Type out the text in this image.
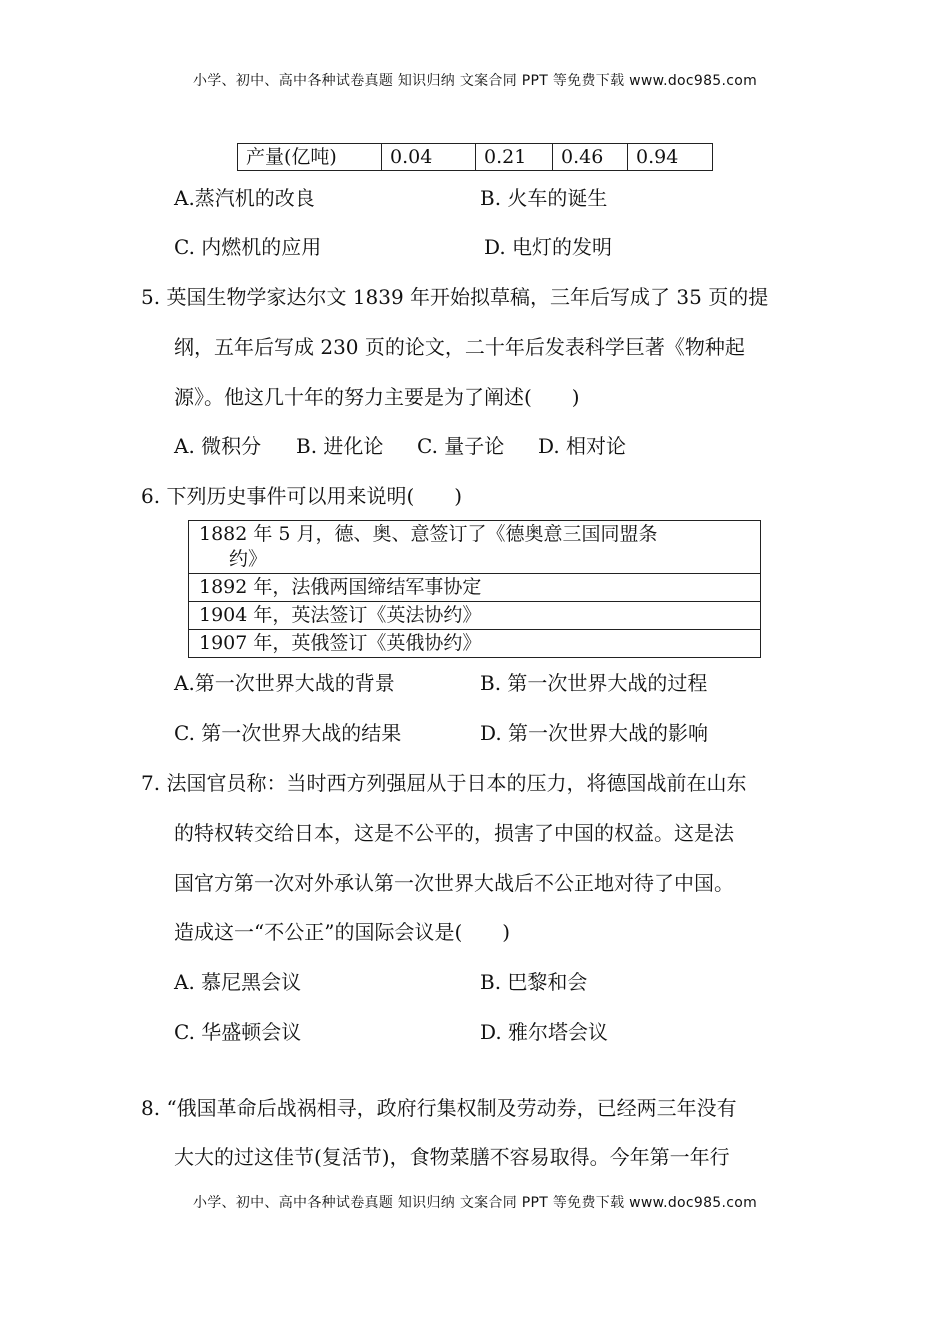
小学、初中、高中各种试卷真题 知识归纳 文案合同 PPT 等免费下载 www.doc985.com
产量(亿吨)	0.04	0.21	0.46	0.94
A.蒸汽机的改良	B. 火车的诞生
C. 内燃机的应用	D. 电灯的发明
5. 英国生物学家达尔文 1839 年开始拟草稿，三年后写成了 35 页的提
纲，五年后写成 230 页的论文，二十年后发表科学巨著《物种起
源》。他这几十年的努力主要是为了阐述(　　)
A. 微积分 B. 进化论 C. 量子论 D. 相对论
6. 下列历史事件可以用来说明(　　)
1882 年 5 月，德、奥、意签订了《德奥意三国同盟条
约》

1892 年，法俄两国缔结军事协定
1904 年，英法签订《英法协约》
1907 年，英俄签订《英俄协约》
A.第一次世界大战的背景	B. 第一次世界大战的过程
C. 第一次世界大战的结果	D. 第一次世界大战的影响
7. 法国官员称：当时西方列强屈从于日本的压力，将德国战前在山东
的特权转交给日本，这是不公平的，损害了中国的权益。这是法
国官方第一次对外承认第一次世界大战后不公正地对待了中国。
造成这一“不公正”的国际会议是(　　)
A. 慕尼黑会议	B. 巴黎和会
C. 华盛顿会议	D. 雅尔塔会议
8. “俄国革命后战祸相寻，政府行集权制及劳动券，已经两三年没有
大大的过这佳节(复活节)，食物菜膳不容易取得。今年第一年行
小学、初中、高中各种试卷真题 知识归纳 文案合同 PPT 等免费下载 www.doc985.com
